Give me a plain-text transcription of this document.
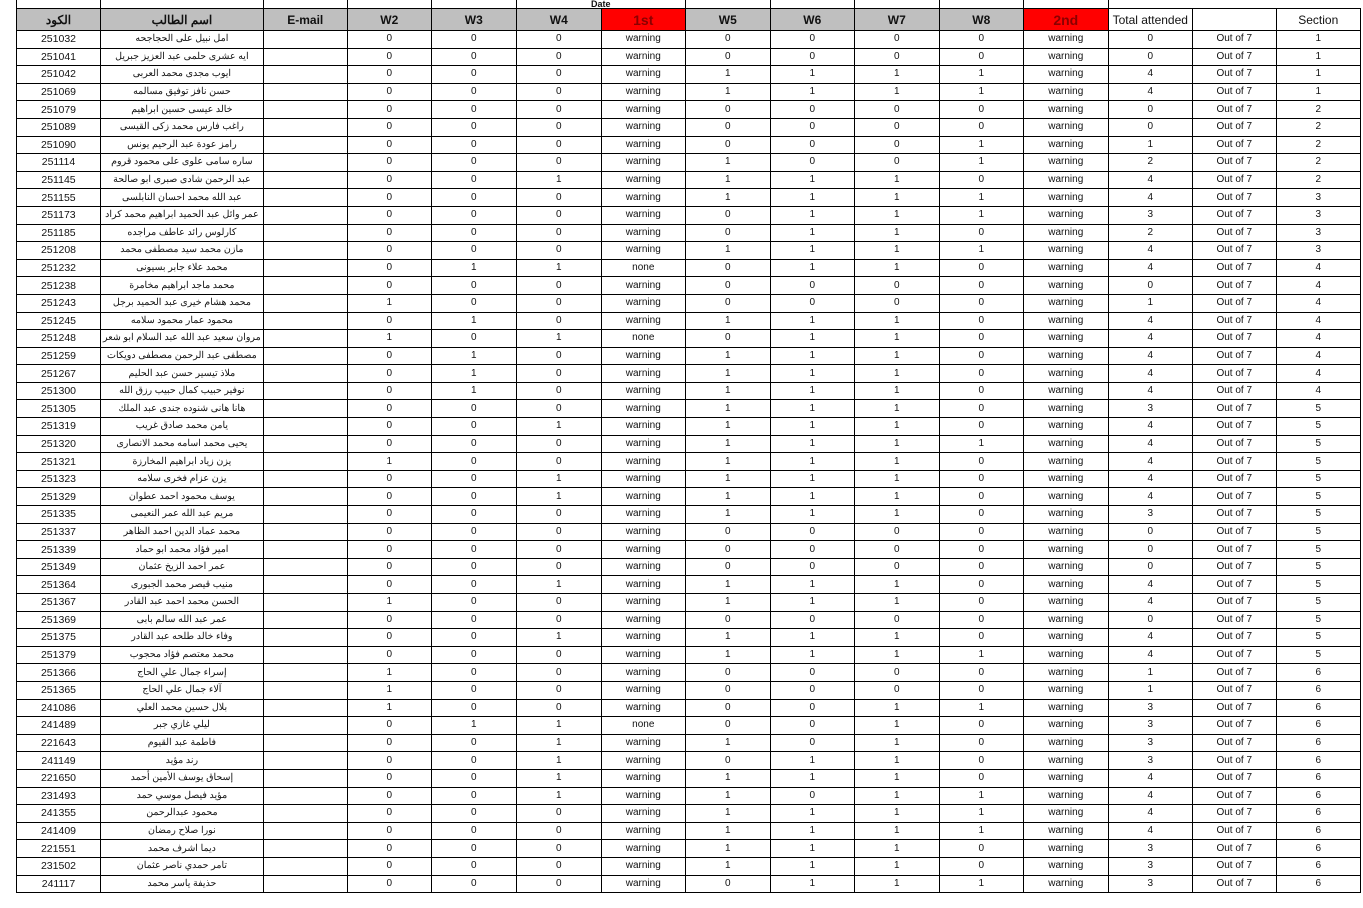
					Date									
الكود	اسم الطالب	E-mail	W2	W3	W4	1st	W5	W6	W7	W8	2nd	Total attended		Section
251032	امل نبيل على الحجاجحه		0	0	0	warning	0	0	0	0	warning	0	Out of 7	1
251041	ايه عشرى حلمى عبد العزيز جبريل		0	0	0	warning	0	0	0	0	warning	0	Out of 7	1
251042	ايوب مجدى محمد العربى		0	0	0	warning	1	1	1	1	warning	4	Out of 7	1
251069	حسن نافز توفيق مسالمه		0	0	0	warning	1	1	1	1	warning	4	Out of 7	1
251079	خالد عيسى حسين ابراهيم		0	0	0	warning	0	0	0	0	warning	0	Out of 7	2
251089	راغب فارس محمد زكى القيسى		0	0	0	warning	0	0	0	0	warning	0	Out of 7	2
251090	رامز عودة عبد الرحيم يونس		0	0	0	warning	0	0	0	1	warning	1	Out of 7	2
251114	ساره سامى علوى على محمود قروم		0	0	0	warning	1	0	0	1	warning	2	Out of 7	2
251145	عبد الرحمن شادى صبرى ابو صالحة		0	0	1	warning	1	1	1	0	warning	4	Out of 7	2
251155	عبد الله محمد احسان النابلسى		0	0	0	warning	1	1	1	1	warning	4	Out of 7	3
251173	عمر وائل عبد الحميد ابراهيم محمد كراد		0	0	0	warning	0	1	1	1	warning	3	Out of 7	3
251185	كارلوس رائد عاطف مراجده		0	0	0	warning	0	1	1	0	warning	2	Out of 7	3
251208	مازن محمد سيد مصطفى محمد		0	0	0	warning	1	1	1	1	warning	4	Out of 7	3
251232	محمد علاء جابر بسيونى		0	1	1	none	0	1	1	0	warning	4	Out of 7	4
251238	محمد ماجد ابراهيم مخامرة		0	0	0	warning	0	0	0	0	warning	0	Out of 7	4
251243	محمد هشام خيرى عبد الحميد برجل		1	0	0	warning	0	0	0	0	warning	1	Out of 7	4
251245	محمود عمار محمود سلامه		0	1	0	warning	1	1	1	0	warning	4	Out of 7	4
251248	مروان سعيد عبد الله عبد السلام ابو شعر		1	0	1	none	0	1	1	0	warning	4	Out of 7	4
251259	مصطفى عبد الرحمن مصطفى دويكات		0	1	0	warning	1	1	1	0	warning	4	Out of 7	4
251267	ملاذ تيسير حسن عبد الحليم		0	1	0	warning	1	1	1	0	warning	4	Out of 7	4
251300	نوفير حبيب كمال حبيب رزق الله		0	1	0	warning	1	1	1	0	warning	4	Out of 7	4
251305	هانا هانى شنوده جندى عبد الملك		0	0	0	warning	1	1	1	0	warning	3	Out of 7	5
251319	يامن محمد صادق غريب		0	0	1	warning	1	1	1	0	warning	4	Out of 7	5
251320	يحيى محمد اسامه محمد الانصارى		0	0	0	warning	1	1	1	1	warning	4	Out of 7	5
251321	يزن زياد ابراهيم المخارزة		1	0	0	warning	1	1	1	0	warning	4	Out of 7	5
251323	يزن عزام فخرى سلامه		0	0	1	warning	1	1	1	0	warning	4	Out of 7	5
251329	يوسف محمود احمد عطوان		0	0	1	warning	1	1	1	0	warning	4	Out of 7	5
251335	مريم عبد الله عمر النعيمى		0	0	0	warning	1	1	1	0	warning	3	Out of 7	5
251337	محمد عماد الدين احمد الظاهر		0	0	0	warning	0	0	0	0	warning	0	Out of 7	5
251339	امير فؤاد محمد ابو حماد		0	0	0	warning	0	0	0	0	warning	0	Out of 7	5
251349	عمر احمد الزيخ عثمان		0	0	0	warning	0	0	0	0	warning	0	Out of 7	5
251364	منيب قيصر محمد الجبورى		0	0	1	warning	1	1	1	0	warning	4	Out of 7	5
251367	الحسن محمد احمد عبد القادر		1	0	0	warning	1	1	1	0	warning	4	Out of 7	5
251369	عمر عبد الله سالم بابى		0	0	0	warning	0	0	0	0	warning	0	Out of 7	5
251375	وفاء خالد طلحه عبد القادر		0	0	1	warning	1	1	1	0	warning	4	Out of 7	5
251379	محمد معتصم فؤاد محجوب		0	0	0	warning	1	1	1	1	warning	4	Out of 7	5
251366	إسراء جمال علي الحاج		1	0	0	warning	0	0	0	0	warning	1	Out of 7	6
251365	آلاء جمال علي الحاج		1	0	0	warning	0	0	0	0	warning	1	Out of 7	6
241086	بلال حسين محمد العلي		1	0	0	warning	0	0	1	1	warning	3	Out of 7	6
241489	ليلي غازي جبر		0	1	1	none	0	0	1	0	warning	3	Out of 7	6
221643	فاطمة عبد القيوم		0	0	1	warning	1	0	1	0	warning	3	Out of 7	6
241149	رند مؤيد		0	0	1	warning	0	1	1	0	warning	3	Out of 7	6
221650	إسحاق يوسف الأمين أحمد		0	0	1	warning	1	1	1	0	warning	4	Out of 7	6
231493	مؤيد فيصل موسي حمد		0	0	1	warning	1	0	1	1	warning	4	Out of 7	6
241355	محمود عبدالرحمن		0	0	0	warning	1	1	1	1	warning	4	Out of 7	6
241409	نورا صلاح رمضان		0	0	0	warning	1	1	1	1	warning	4	Out of 7	6
221551	ديما اشرف محمد		0	0	0	warning	1	1	1	0	warning	3	Out of 7	6
231502	تامر حمدي ناصر عثمان		0	0	0	warning	1	1	1	0	warning	3	Out of 7	6
241117	حذيفة ياسر محمد		0	0	0	warning	0	1	1	1	warning	3	Out of 7	6
